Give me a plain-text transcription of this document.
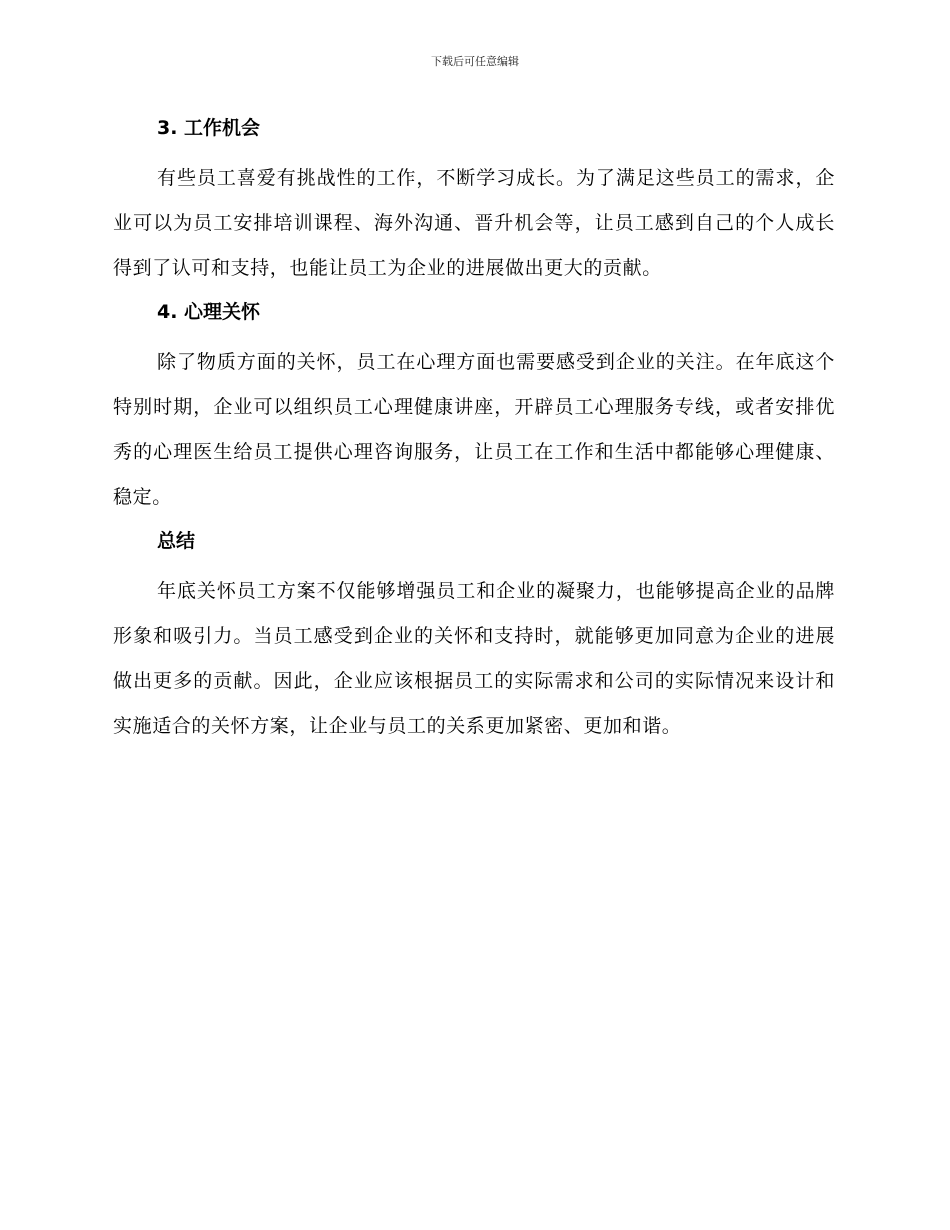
下载后可任意编辑
3. 工作机会

有些员工喜爱有挑战性的工作，不断学习成长。为了满足这些员工的需求，企业可以为员工安排培训课程、海外沟通、晋升机会等，让员工感到自己的个人成长得到了认可和支持，也能让员工为企业的进展做出更大的贡献。

4. 心理关怀

除了物质方面的关怀，员工在心理方面也需要感受到企业的关注。在年底这个特别时期，企业可以组织员工心理健康讲座，开辟员工心理服务专线，或者安排优秀的心理医生给员工提供心理咨询服务，让员工在工作和生活中都能够心理健康、稳定。

总结

年底关怀员工方案不仅能够增强员工和企业的凝聚力，也能够提高企业的品牌形象和吸引力。当员工感受到企业的关怀和支持时，就能够更加同意为企业的进展做出更多的贡献。因此，企业应该根据员工的实际需求和公司的实际情况来设计和实施适合的关怀方案，让企业与员工的关系更加紧密、更加和谐。
